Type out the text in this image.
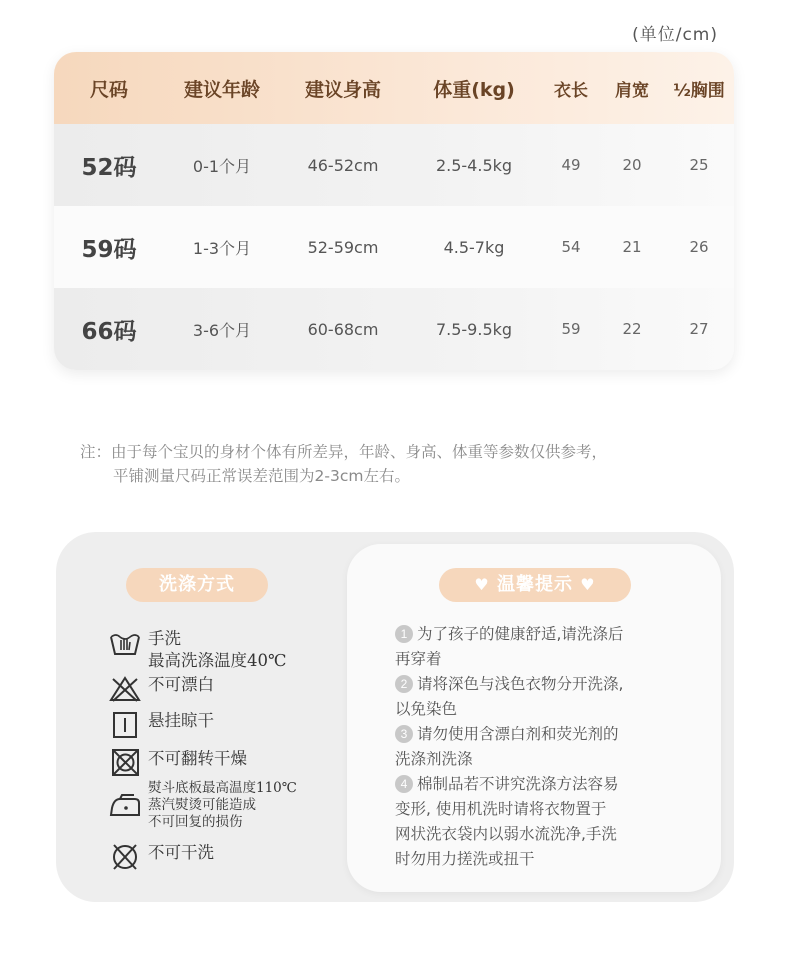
(单位/cm)
尺码	建议年龄	建议身高	体重(kg)	衣长	肩宽	½胸围
52码	0-1个月	46-52cm	2.5-4.5kg	49	20	25
59码	1-3个月	52-59cm	4.5-7kg	54	21	26
66码	3-6个月	60-68cm	7.5-9.5kg	59	22	27
注：由于每个宝贝的身材个体有所差异，年龄、身高、体重等参数仅供参考，
平铺测量尺码正常误差范围为2-3cm左右。
洗涤方式
手洗
最高洗涤温度40℃
不可漂白
悬挂晾干
不可翻转干燥
熨斗底板最高温度110℃
蒸汽熨烫可能造成
不可回复的损伤
不可干洗
♥ 温馨提示 ♥
1 为了孩子的健康舒适,请洗涤后
再穿着
2 请将深色与浅色衣物分开洗涤,
以免染色
3 请勿使用含漂白剂和荧光剂的
洗涤剂洗涤
4 棉制品若不讲究洗涤方法容易
变形, 使用机洗时请将衣物置于
网状洗衣袋内以弱水流洗净,手洗
时勿用力搓洗或扭干
